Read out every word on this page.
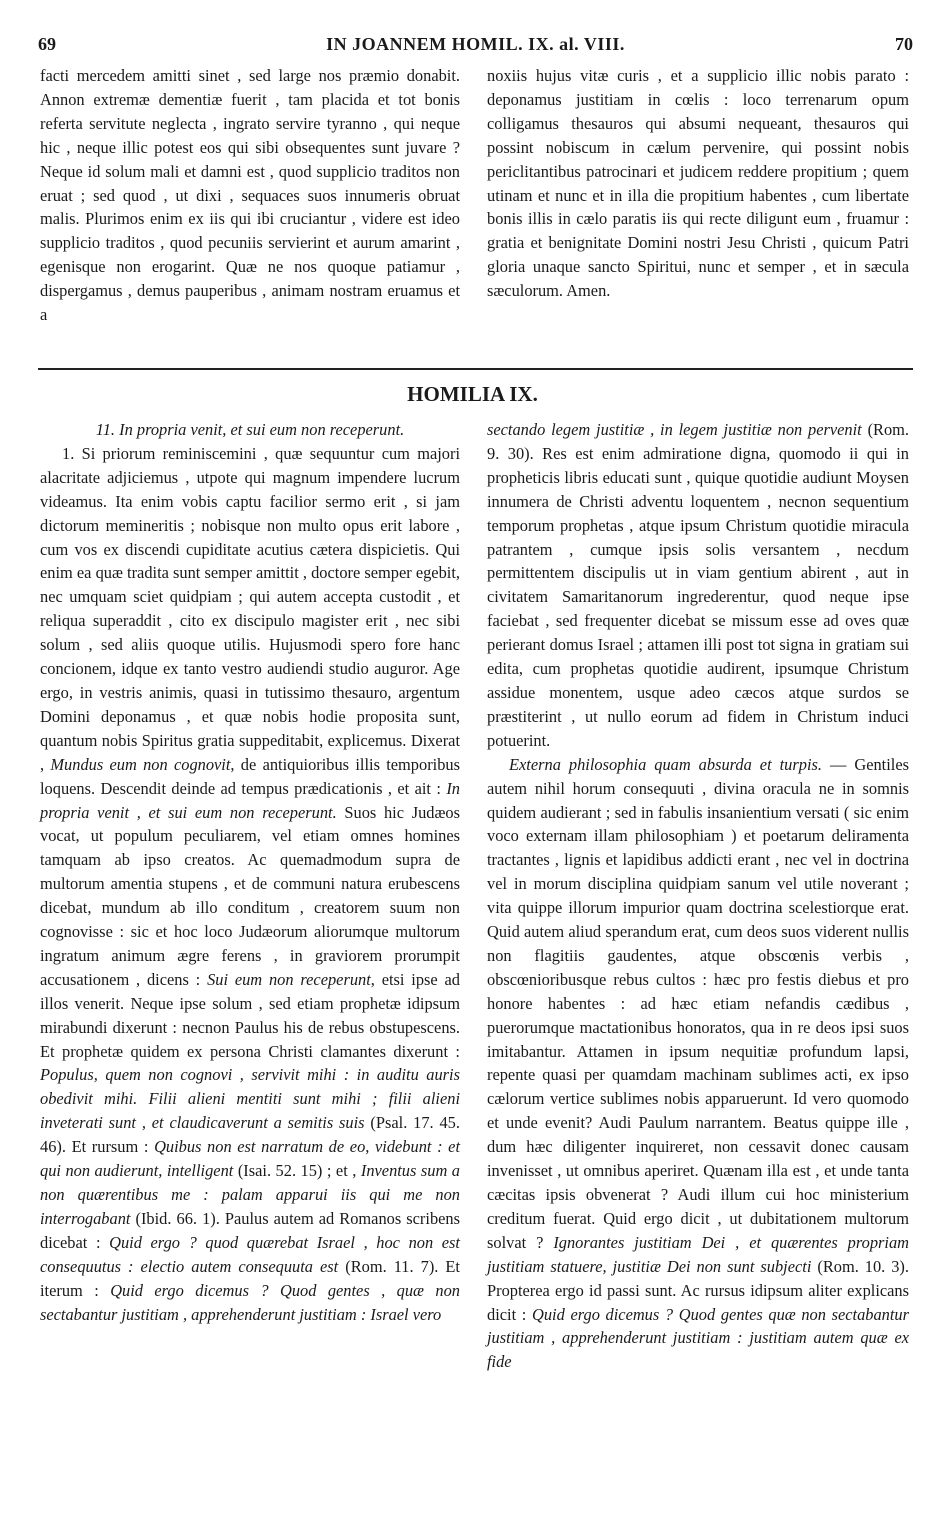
69	IN JOANNEM HOMIL. IX. al. VIII.	70

facti mercedem amitti sinet , sed large nos præmio donabit. Annon extremæ dementiæ fuerit , tam placida et tot bonis referta servitute neglecta , ingrato servire tyranno , qui neque hic , neque illic potest eos qui sibi obsequentes sunt juvare ? Neque id solum mali et damni est , quod supplicio traditos non eruat ; sed quod , ut dixi , sequaces suos innumeris obruat malis. Plurimos enim ex iis qui ibi cruciantur , videre est ideo supplicio traditos , quod pecuniis servierint et aurum amarint , egenisque non erogarint. Quæ ne nos quoque patiamur , dispergamus , demus pauperibus , animam nostram eruamus et a

noxiis hujus vitæ curis , et a supplicio illic nobis parato : deponamus justitiam in cœlis : loco terrenarum opum colligamus thesauros qui absumi nequeant, thesauros qui possint nobiscum in cælum pervenire, qui possint nobis periclitantibus patrocinari et judicem reddere propitium ; quem utinam et nunc et in illa die propitium habentes , cum libertate bonis illis in cælo paratis iis qui recte diligunt eum , fruamur : gratia et benignitate Domini nostri Jesu Christi , quicum Patri gloria unaque sancto Spiritui, nunc et semper , et in sæcula sæculorum. Amen.

HOMILIA IX.

11. In propria venit, et sui eum non receperunt.

1. Si priorum reminiscemini , quæ sequuntur cum majori alacritate adjiciemus , utpote qui magnum impendere lucrum videamus. Ita enim vobis captu facilior sermo erit , si jam dictorum memineritis ; nobisque non multo opus erit labore , cum vos ex discendi cupiditate acutius cætera dispicietis. Qui enim ea quæ tradita sunt semper amittit , doctore semper egebit, nec umquam sciet quidpiam ; qui autem accepta custodit , et reliqua superaddit , cito ex discipulo magister erit , nec sibi solum , sed aliis quoque utilis. Hujusmodi spero fore hanc concionem, idque ex tanto vestro audiendi studio auguror. Age ergo, in vestris animis, quasi in tutissimo thesauro, argentum Domini deponamus , et quæ nobis hodie proposita sunt, quantum nobis Spiritus gratia suppeditabit, explicemus. Dixerat , Mundus eum non cognovit, de antiquioribus illis temporibus loquens. Descendit deinde ad tempus prædicationis , et ait : In propria venit , et sui eum non receperunt. Suos hic Judæos vocat, ut populum peculiarem, vel etiam omnes homines tamquam ab ipso creatos. Ac quemadmodum supra de multorum amentia stupens , et de communi natura erubescens dicebat, mundum ab illo conditum , creatorem suum non cognovisse : sic et hoc loco Judæorum aliorumque multorum ingratum animum ægre ferens , in graviorem prorumpit accusationem , dicens : Sui eum non receperunt, etsi ipse ad illos venerit. Neque ipse solum , sed etiam prophetæ idipsum mirabundi dixerunt : necnon Paulus his de rebus obstupescens. Et prophetæ quidem ex persona Christi clamantes dixerunt : Populus, quem non cognovi , servivit mihi : in auditu auris obedivit mihi. Filii alieni mentiti sunt mihi ; filii alieni inveterati sunt , et claudicaverunt a semitis suis (Psal. 17. 45. 46). Et rursum : Quibus non est narratum de eo, videbunt : et qui non audierunt, intelligent (Isai. 52. 15) ; et , Inventus sum a non quærentibus me : palam apparui iis qui me non interrogabant (Ibid. 66. 1). Paulus autem ad Romanos scribens dicebat : Quid ergo ? quod quærebat Israel , hoc non est consequutus : electio autem consequuta est (Rom. 11. 7). Et iterum : Quid ergo dicemus ? Quod gentes , quæ non sectabantur justitiam , apprehenderunt justitiam : Israel vero

sectando legem justitiæ , in legem justitiæ non pervenit (Rom. 9. 30). Res est enim admiratione digna, quomodo ii qui in propheticis libris educati sunt , quique quotidie audiunt Moysen innumera de Christi adventu loquentem , necnon sequentium temporum prophetas , atque ipsum Christum quotidie miracula patrantem , cumque ipsis solis versantem , necdum permittentem discipulis ut in viam gentium abirent , aut in civitatem Samaritanorum ingrederentur, quod neque ipse faciebat , sed frequenter dicebat se missum esse ad oves quæ perierant domus Israel ; attamen illi post tot signa in gratiam sui edita, cum prophetas quotidie audirent, ipsumque Christum assidue monentem, usque adeo cæcos atque surdos se præstiterint , ut nullo eorum ad fidem in Christum induci potuerint.

Externa philosophia quam absurda et turpis. — Gentiles autem nihil horum consequuti , divina oracula ne in somnis quidem audierant ; sed in fabulis insanientium versati ( sic enim voco externam illam philosophiam ) et poetarum deliramenta tractantes , lignis et lapidibus addicti erant , nec vel in doctrina vel in morum disciplina quidpiam sanum vel utile noverant ; vita quippe illorum impurior quam doctrina scelestiorque erat. Quid autem aliud sperandum erat, cum deos suos viderent nullis non flagitiis gaudentes, atque obscœnis verbis , obscœnioribusque rebus cultos : hæc pro festis diebus et pro honore habentes : ad hæc etiam nefandis cædibus , puerorumque mactationibus honoratos, qua in re deos ipsi suos imitabantur. Attamen in ipsum nequitiæ profundum lapsi, repente quasi per quamdam machinam sublimes acti, ex ipso cælorum vertice sublimes nobis apparuerunt. Id vero quomodo et unde evenit? Audi Paulum narrantem. Beatus quippe ille , dum hæc diligenter inquireret, non cessavit donec causam invenisset , ut omnibus aperiret. Quænam illa est , et unde tanta cæcitas ipsis obvenerat ? Audi illum cui hoc ministerium creditum fuerat. Quid ergo dicit , ut dubitationem multorum solvat ? Ignorantes justitiam Dei , et quærentes propriam justitiam statuere, justitiæ Dei non sunt subjecti (Rom. 10. 3). Propterea ergo id passi sunt. Ac rursus idipsum aliter explicans dicit : Quid ergo dicemus ? Quod gentes quæ non sectabantur justitiam , apprehenderunt justitiam : justitiam autem quæ ex fide
